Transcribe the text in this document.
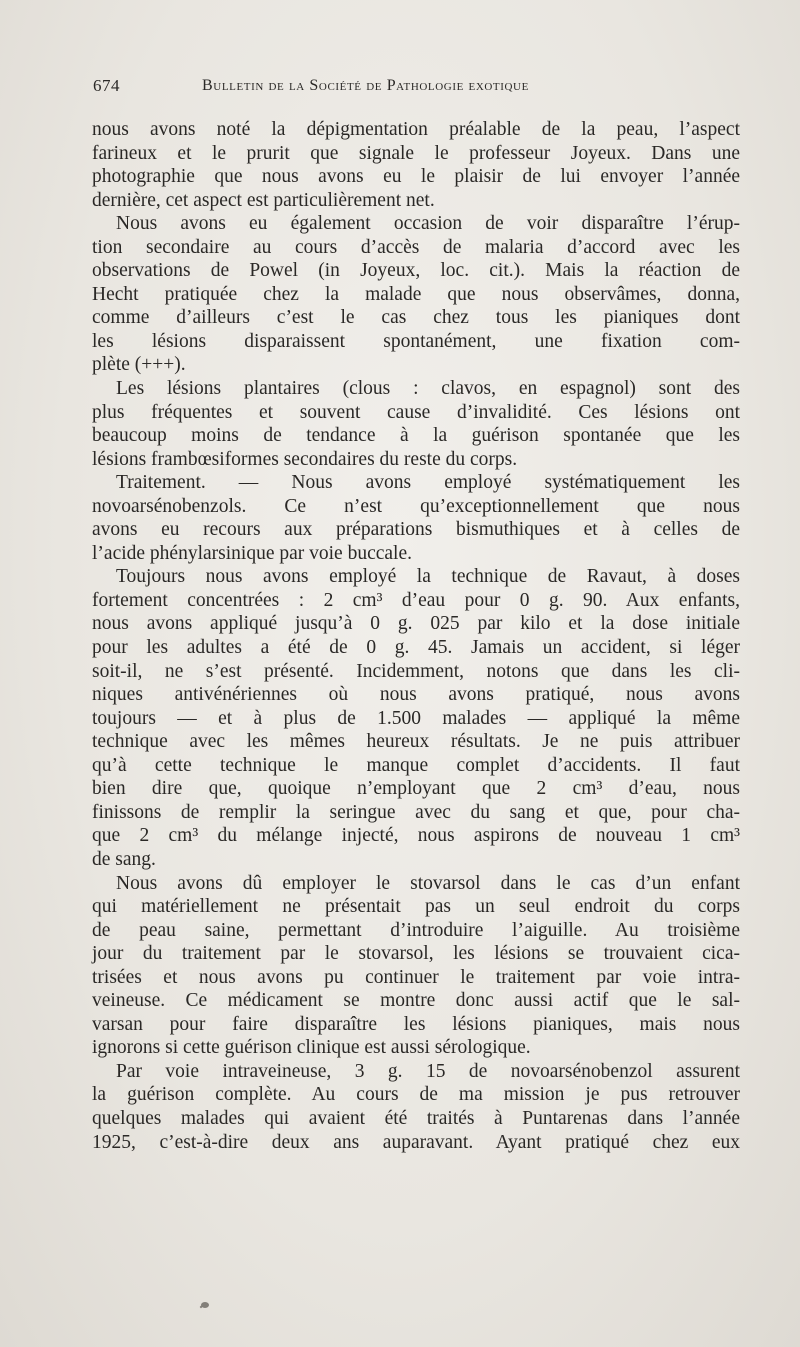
674	Bulletin de la Société de Pathologie exotique
nous avons noté la dépigmentation préalable de la peau, l’aspect
farineux et le prurit que signale le professeur Joyeux. Dans une
photographie que nous avons eu le plaisir de lui envoyer l’année
dernière, cet aspect est particulièrement net.
Nous avons eu également occasion de voir disparaître l’érup-
tion secondaire au cours d’accès de malaria d’accord avec les
observations de Powel (in Joyeux, loc. cit.). Mais la réaction de
Hecht pratiquée chez la malade que nous observâmes, donna,
comme d’ailleurs c’est le cas chez tous les pianiques dont
les lésions disparaissent spontanément, une fixation com-
plète (+++).
Les lésions plantaires (clous : clavos, en espagnol) sont des
plus fréquentes et souvent cause d’invalidité. Ces lésions ont
beaucoup moins de tendance à la guérison spontanée que les
lésions frambœsiformes secondaires du reste du corps.
Traitement. — Nous avons employé systématiquement les
novoarsénobenzols. Ce n’est qu’exceptionnellement que nous
avons eu recours aux préparations bismuthiques et à celles de
l’acide phénylarsinique par voie buccale.
Toujours nous avons employé la technique de Ravaut, à doses
fortement concentrées : 2 cm³ d’eau pour 0 g. 90. Aux enfants,
nous avons appliqué jusqu’à 0 g. 025 par kilo et la dose initiale
pour les adultes a été de 0 g. 45. Jamais un accident, si léger
soit-il, ne s’est présenté. Incidemment, notons que dans les cli-
niques antivénériennes où nous avons pratiqué, nous avons
toujours — et à plus de 1.500 malades — appliqué la même
technique avec les mêmes heureux résultats. Je ne puis attribuer
qu’à cette technique le manque complet d’accidents. Il faut
bien dire que, quoique n’employant que 2 cm³ d’eau, nous
finissons de remplir la seringue avec du sang et que, pour cha-
que 2 cm³ du mélange injecté, nous aspirons de nouveau 1 cm³
de sang.
Nous avons dû employer le stovarsol dans le cas d’un enfant
qui matériellement ne présentait pas un seul endroit du corps
de peau saine, permettant d’introduire l’aiguille. Au troisième
jour du traitement par le stovarsol, les lésions se trouvaient cica-
trisées et nous avons pu continuer le traitement par voie intra-
veineuse. Ce médicament se montre donc aussi actif que le sal-
varsan pour faire disparaître les lésions pianiques, mais nous
ignorons si cette guérison clinique est aussi sérologique.
Par voie intraveineuse, 3 g. 15 de novoarsénobenzol assurent
la guérison complète. Au cours de ma mission je pus retrouver
quelques malades qui avaient été traités à Puntarenas dans l’année
1925, c’est-à-dire deux ans auparavant. Ayant pratiqué chez eux
